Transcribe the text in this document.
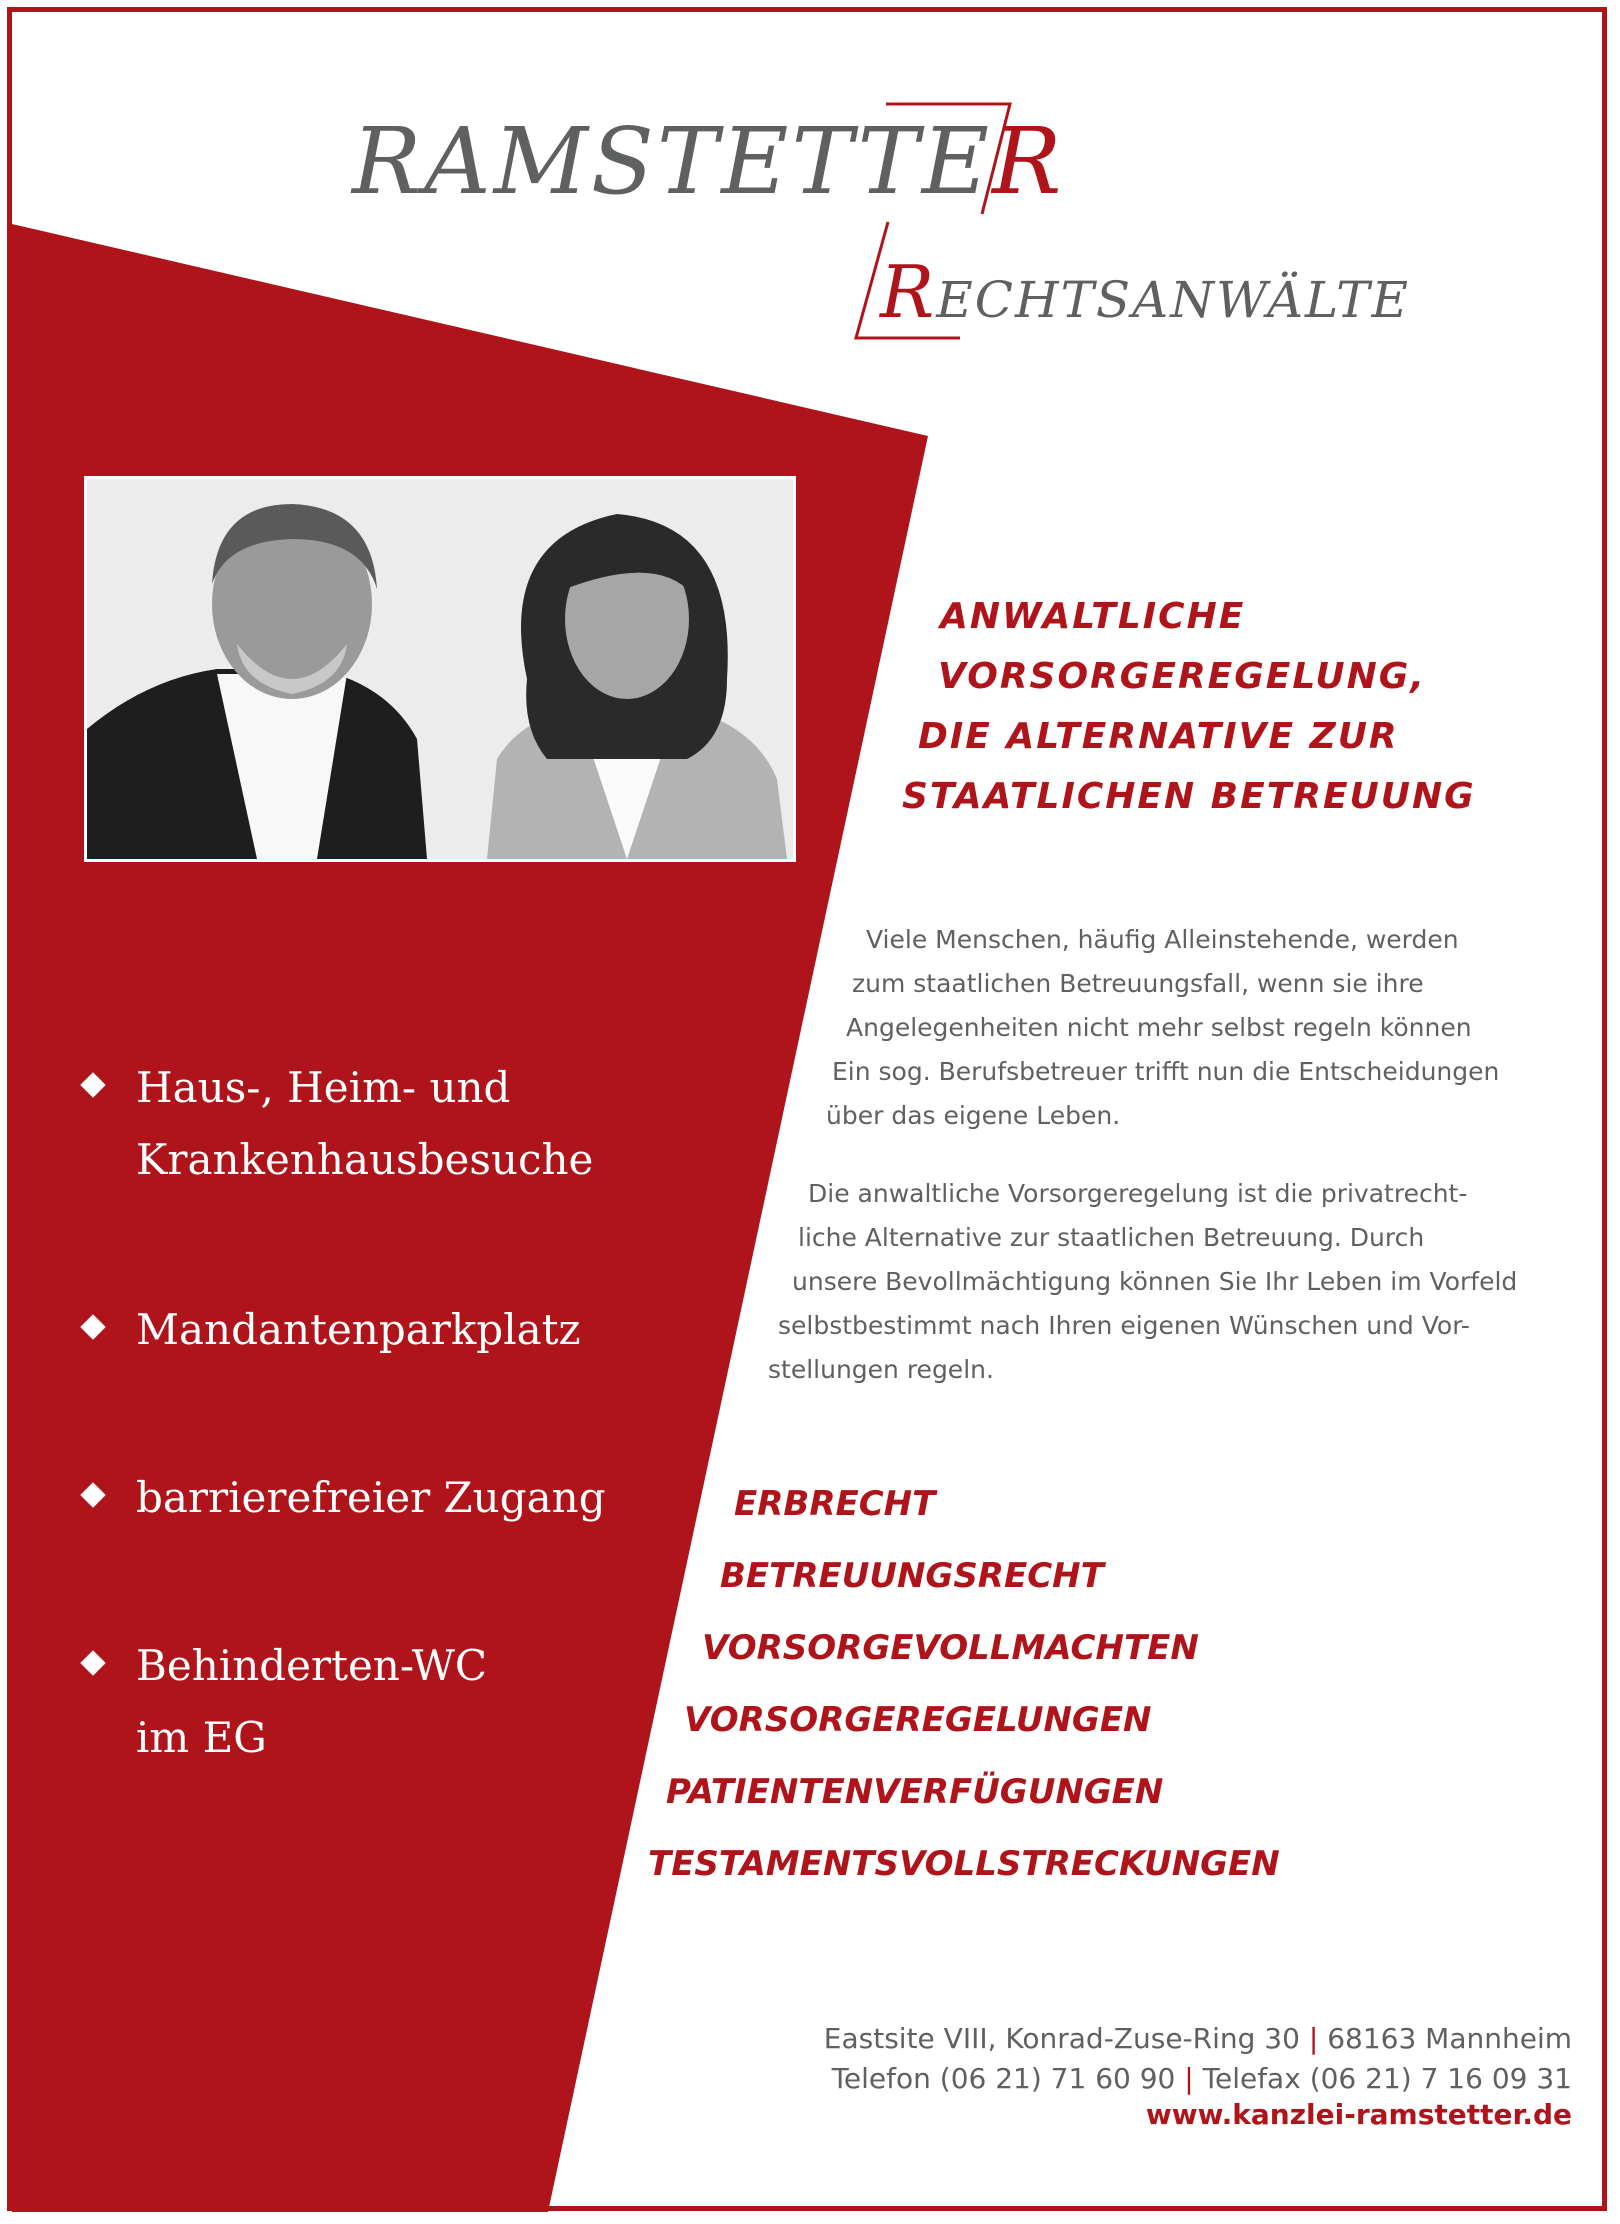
RAMSTETTER
RECHTSANWÄLTE
ANWALTLICHE
VORSORGEREGELUNG,
DIE ALTERNATIVE ZUR
STAATLICHEN BETREUUNG
Viele Menschen, häufig Alleinstehende, werden
zum staatlichen Betreuungsfall, wenn sie ihre
Angelegenheiten nicht mehr selbst regeln können
Ein sog. Berufsbetreuer trifft nun die Entscheidungen
über das eigene Leben.
Die anwaltliche Vorsorgeregelung ist die privatrecht-
liche Alternative zur staatlichen Betreuung. Durch
unsere Bevollmächtigung können Sie Ihr Leben im Vorfeld
selbstbestimmt nach Ihren eigenen Wünschen und Vor-
stellungen regeln.
Haus-, Heim- und
Krankenhausbesuche
Mandantenparkplatz
barrierefreier Zugang
Behinderten-WC
im EG
ERBRECHT
BETREUUNGSRECHT
VORSORGEVOLLMACHTEN
VORSORGEREGELUNGEN
PATIENTENVERFÜGUNGEN
TESTAMENTSVOLLSTRECKUNGEN
Eastsite VIII, Konrad-Zuse-Ring 30 | 68163 Mannheim
Telefon (06 21) 71 60 90 | Telefax (06 21) 7 16 09 31
www.kanzlei-ramstetter.de
